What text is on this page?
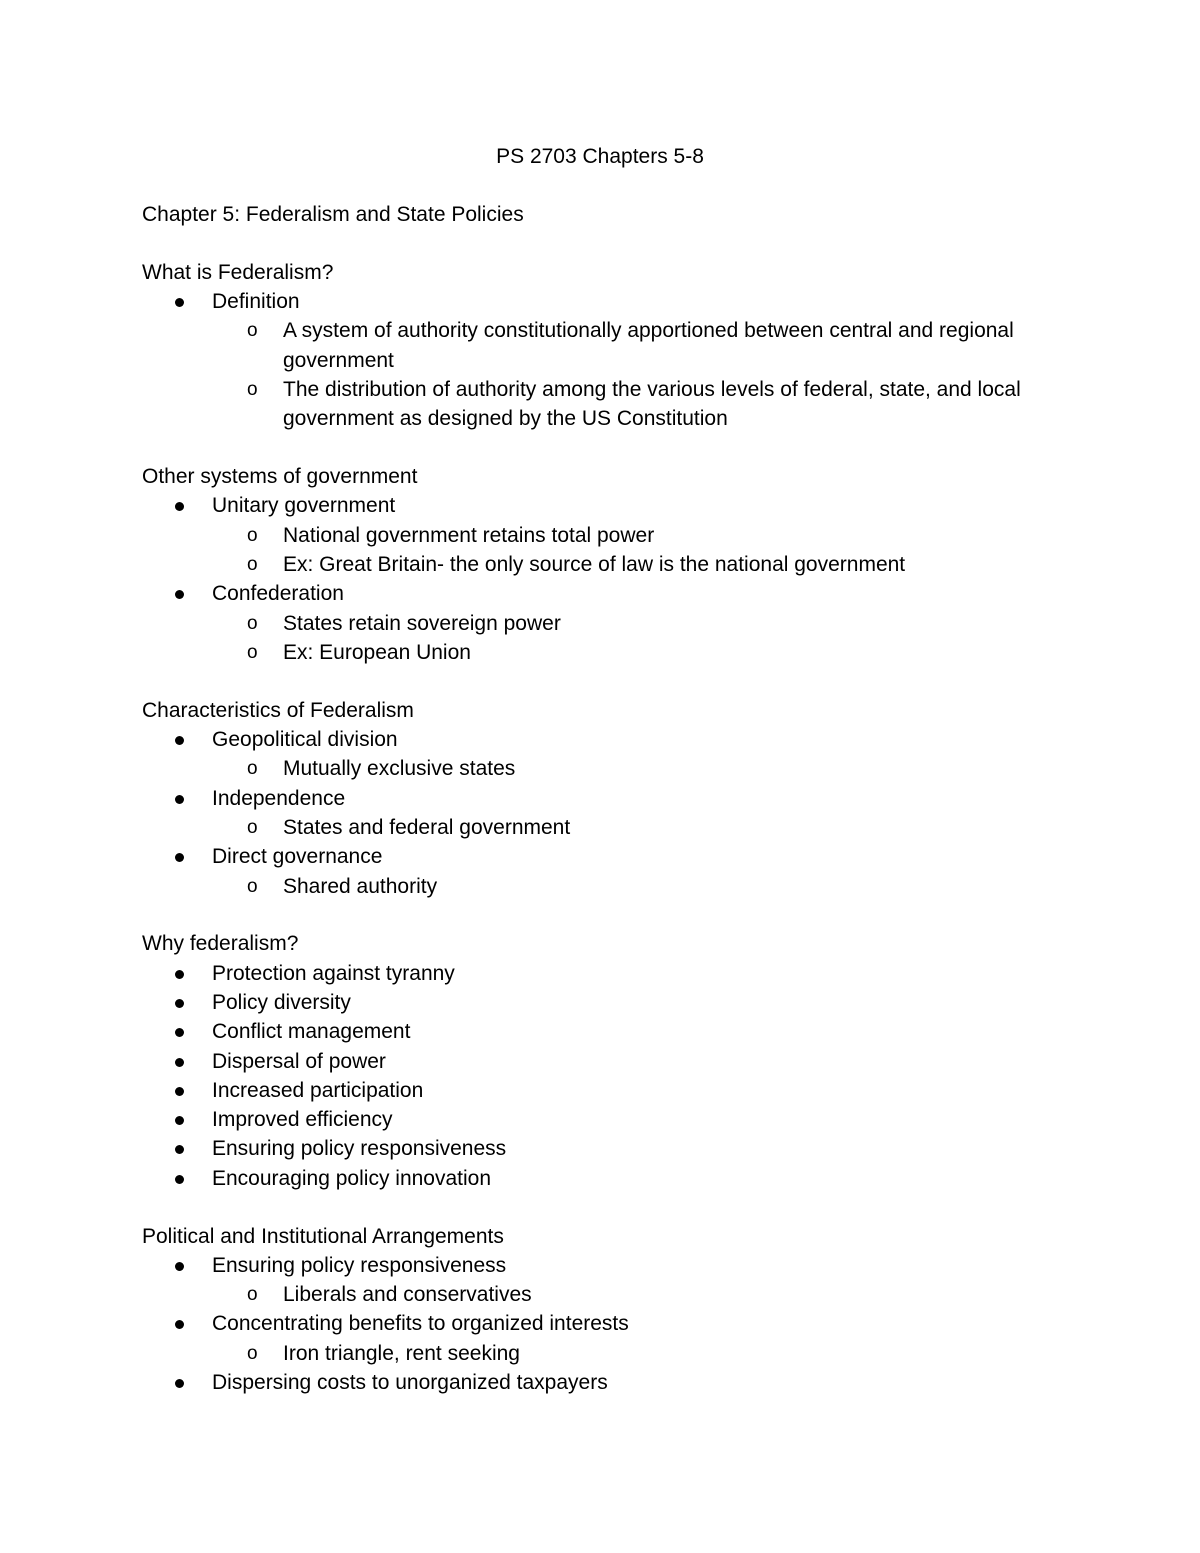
PS 2703 Chapters 5-8
Chapter 5: Federalism and State Policies
What is Federalism?
Definition
o A system of authority constitutionally apportioned between central and regional
government
o The distribution of authority among the various levels of federal, state, and local
government as designed by the US Constitution
Other systems of government
Unitary government
o National government retains total power
o Ex: Great Britain- the only source of law is the national government
Confederation
o States retain sovereign power
o Ex: European Union
Characteristics of Federalism
Geopolitical division
o Mutually exclusive states
Independence
o States and federal government
Direct governance
o Shared authority
Why federalism?
Protection against tyranny
Policy diversity
Conflict management
Dispersal of power
Increased participation
Improved efficiency
Ensuring policy responsiveness
Encouraging policy innovation
Political and Institutional Arrangements
Ensuring policy responsiveness
o Liberals and conservatives
Concentrating benefits to organized interests
o Iron triangle, rent seeking
Dispersing costs to unorganized taxpayers
